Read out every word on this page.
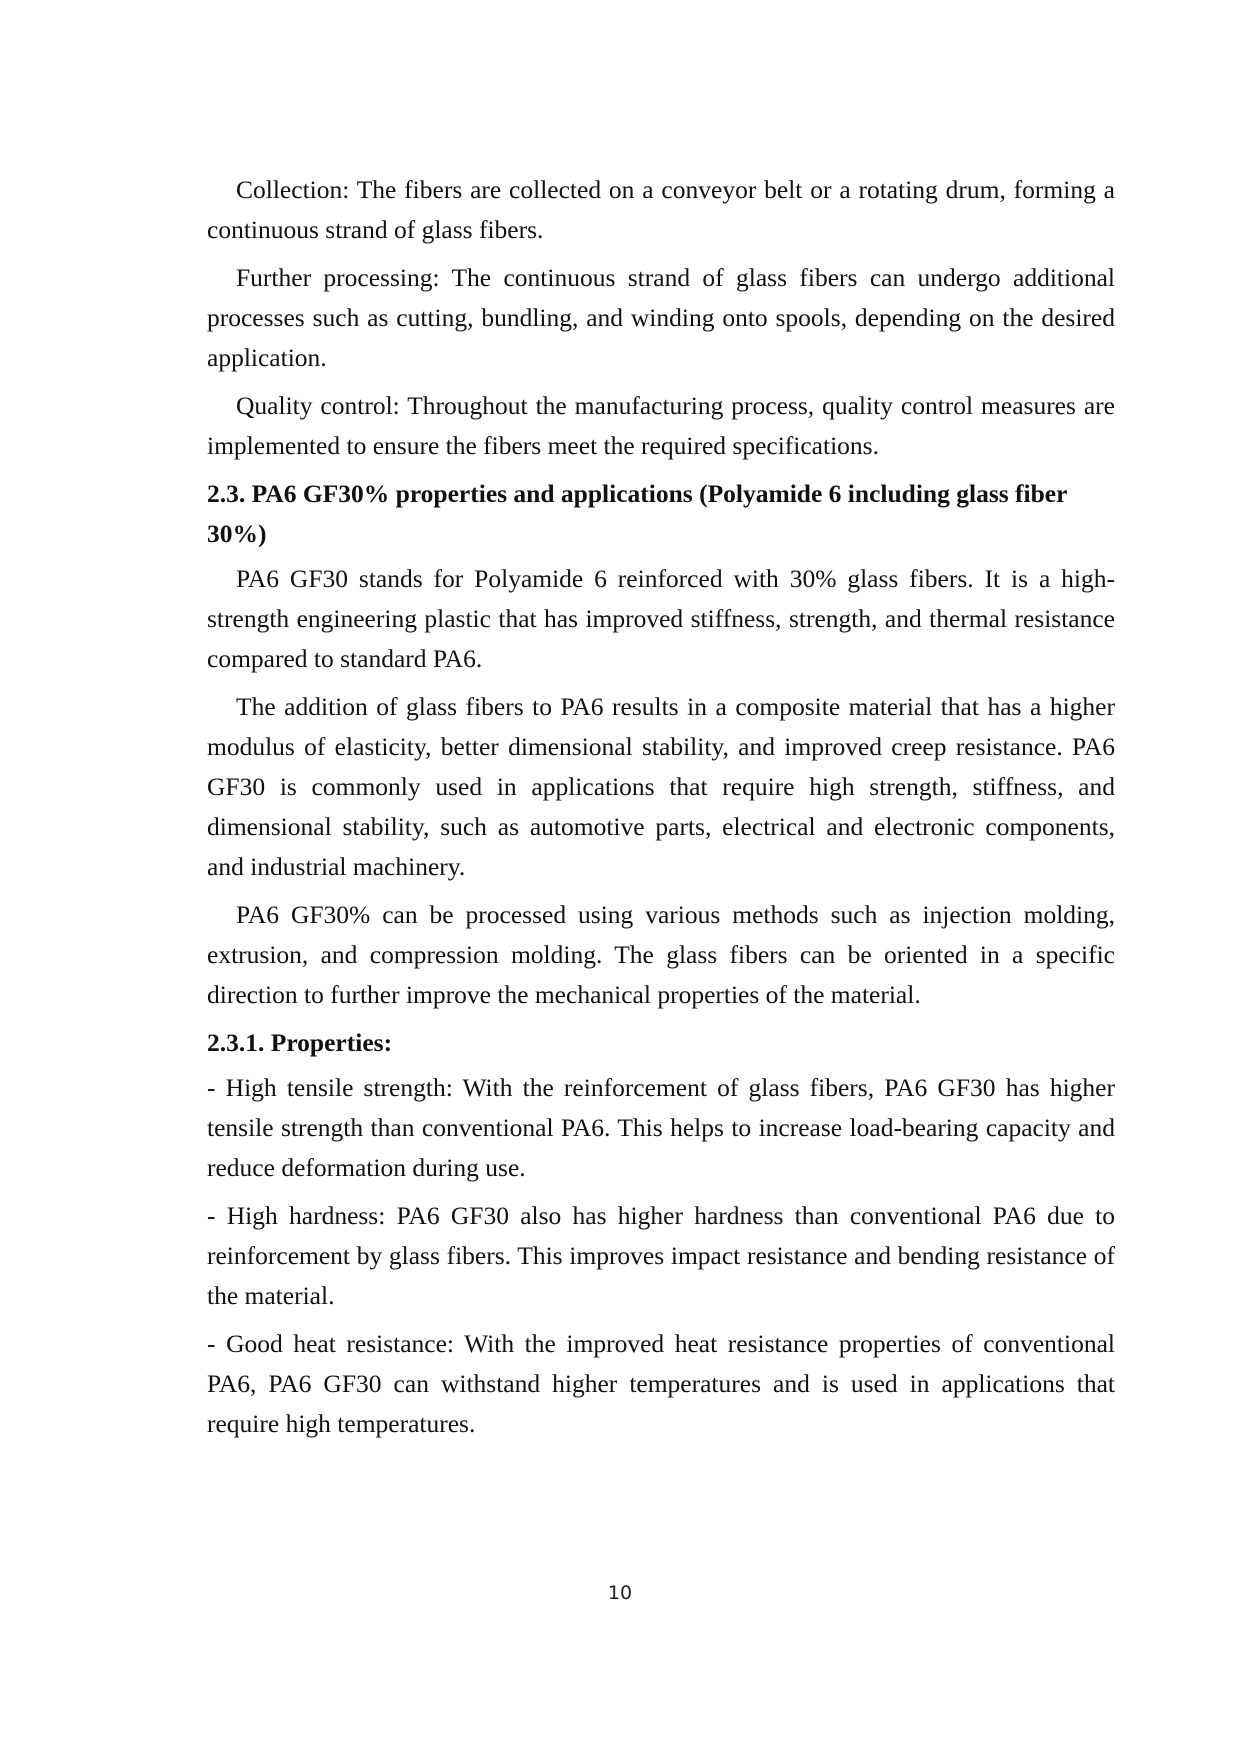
Collection: The fibers are collected on a conveyor belt or a rotating drum, forming a continuous strand of glass fibers.

Further processing: The continuous strand of glass fibers can undergo additional processes such as cutting, bundling, and winding onto spools, depending on the desired application.

Quality control: Throughout the manufacturing process, quality control measures are implemented to ensure the fibers meet the required specifications.

2.3. PA6 GF30% properties and applications (Polyamide 6 including glass fiber 30%)

PA6 GF30 stands for Polyamide 6 reinforced with 30% glass fibers. It is a high-strength engineering plastic that has improved stiffness, strength, and thermal resistance compared to standard PA6.

The addition of glass fibers to PA6 results in a composite material that has a higher modulus of elasticity, better dimensional stability, and improved creep resistance. PA6 GF30 is commonly used in applications that require high strength, stiffness, and dimensional stability, such as automotive parts, electrical and electronic components, and industrial machinery.

PA6 GF30% can be processed using various methods such as injection molding, extrusion, and compression molding. The glass fibers can be oriented in a specific direction to further improve the mechanical properties of the material.

2.3.1. Properties:

- High tensile strength: With the reinforcement of glass fibers, PA6 GF30 has higher tensile strength than conventional PA6. This helps to increase load-bearing capacity and reduce deformation during use.

- High hardness: PA6 GF30 also has higher hardness than conventional PA6 due to reinforcement by glass fibers. This improves impact resistance and bending resistance of the material.

- Good heat resistance: With the improved heat resistance properties of conventional PA6, PA6 GF30 can withstand higher temperatures and is used in applications that require high temperatures.

10
